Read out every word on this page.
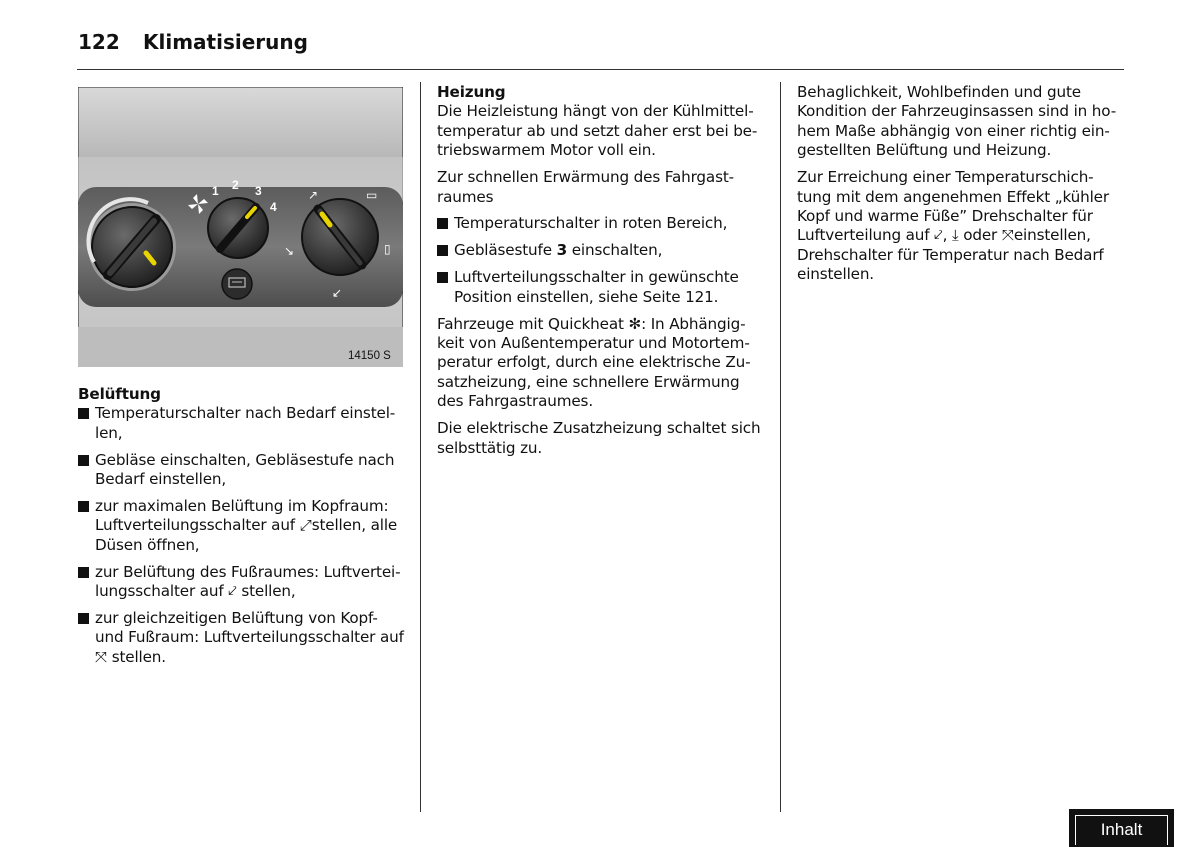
122 Klimatisierung
1 2 3
4
↗	▭
↘
↙
▯
14150 S

Belüftung

Temperaturschalter nach Bedarf einstel-
len,
Gebläse einschalten, Gebläsestufe nach Bedarf einstellen,
zur maximalen Belüftung im Kopfraum: Luftverteilungsschalter auf ⤢stellen, alle Düsen öffnen,
zur Belüftung des Fußraumes: Luftvertei-lungsschalter auf ⤦ stellen,
zur gleichzeitigen Belüftung von Kopf- und Fußraum: Luftverteilungsschalter auf ⤧ stellen.

Heizung

Die Heizleistung hängt von der Kühlmittel-temperatur ab und setzt daher erst bei be-triebswarmem Motor voll ein.

Zur schnellen Erwärmung des Fahrgast-raumes

Temperaturschalter in roten Bereich,
Gebläsestufe 3 einschalten,
Luftverteilungsschalter in gewünschte Position einstellen, siehe Seite 121.

Fahrzeuge mit Quickheat ✻: In Abhängig-keit von Außentemperatur und Motortem-peratur erfolgt, durch eine elektrische Zu-satzheizung, eine schnellere Erwärmung des Fahrgastraumes.

Die elektrische Zusatzheizung schaltet sich selbsttätig zu.

Behaglichkeit, Wohlbefinden und gute Kondition der Fahrzeuginsassen sind in ho-hem Maße abhängig von einer richtig ein-gestellten Belüftung und Heizung.

Zur Erreichung einer Temperaturschich-tung mit dem angenehmen Effekt „kühler Kopf und warme Füße” Drehschalter für Luftverteilung auf ⤦, ⤓ oder ⤧einstellen, Drehschalter für Temperatur nach Bedarf einstellen.

Inhalt
